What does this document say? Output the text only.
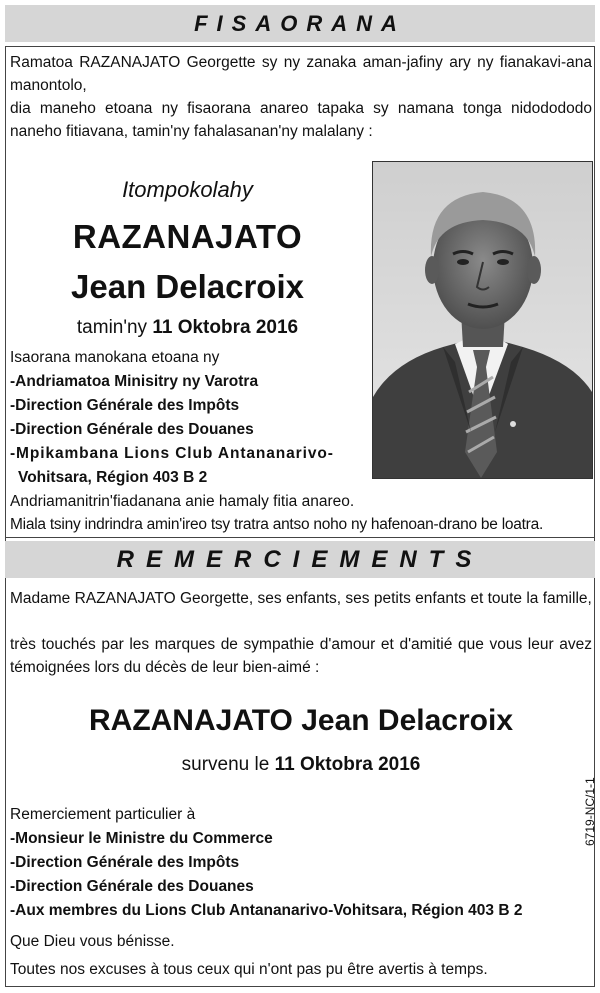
FISAORANA
Ramatoa RAZANAJATO Georgette sy ny zanaka aman-jafiny ary ny fianakavi-ana manontolo,
dia maneho etoana ny fisaorana anareo tapaka sy namana tonga nidodododo naneho fitiavana, tamin'ny fahalasanan'ny malalany :
Itompokolahy
RAZANAJATO
Jean Delacroix
tamin'ny 11 Oktobra 2016
Isaorana manokana etoana ny
-Andriamatoa Minisitry ny Varotra
-Direction Générale des Impôts
-Direction Générale des Douanes
-Mpikambana Lions Club Antananarivo-
Vohitsara, Région 403 B 2
Andriamanitrin'fiadanana anie hamaly fitia anareo.
Miala tsiny indrindra amin'ireo tsy tratra antso noho ny hafenoan-drano be loatra.
REMERCIEMENTS
Madame RAZANAJATO Georgette, ses enfants, ses petits enfants et toute la famille,
très touchés par les marques de sympathie d'amour et d'amitié que vous leur avez témoignées lors du décès de leur bien-aimé :
RAZANAJATO Jean Delacroix
survenu le 11 Oktobra 2016
Remerciement particulier à
-Monsieur le Ministre du Commerce
-Direction Générale des Impôts
-Direction Générale des Douanes
-Aux membres du Lions Club Antananarivo-Vohitsara, Région 403 B 2
Que Dieu vous bénisse.
Toutes nos excuses à tous ceux qui n'ont pas pu être avertis à temps.
6719-NC/1-1
